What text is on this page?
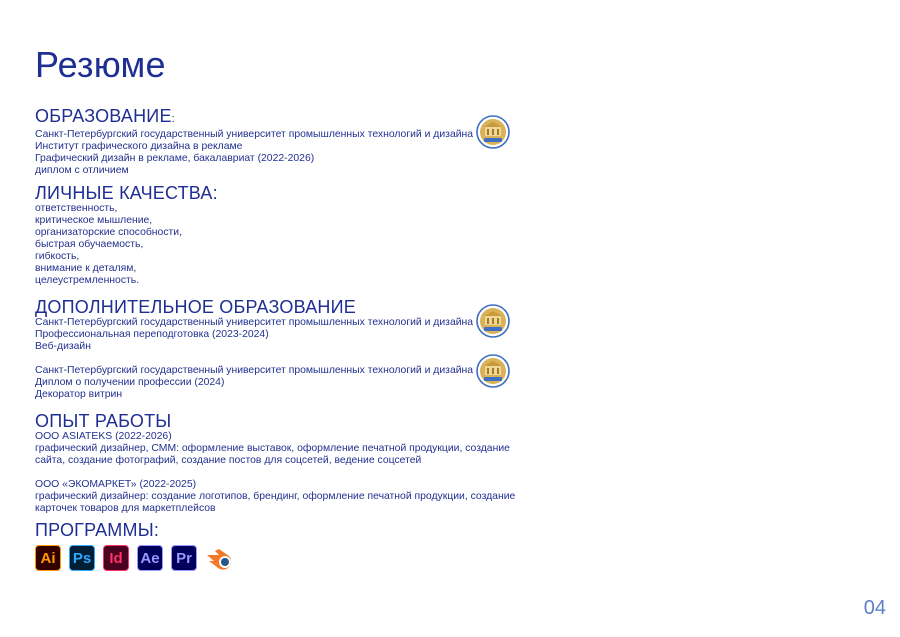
Резюме
ОБРАЗОВАНИЕ:
Санкт-Петербургский государственный университет промышленных технологий и дизайна
Институт графического дизайна в рекламе
Графический дизайн в рекламе, бакалавриат (2022-2026)
диплом с отличием
ЛИЧНЫЕ КАЧЕСТВА:
ответственность,
критическое мышление,
организаторские способности,
быстрая обучаемость,
гибкость,
внимание к деталям,
целеустремленность.
ДОПОЛНИТЕЛЬНОЕ ОБРАЗОВАНИЕ
Санкт-Петербургский государственный университет промышленных технологий и дизайна
Профессиональная переподготовка (2023-2024)
Веб-дизайн
Санкт-Петербургский государственный университет промышленных технологий и дизайна
Диплом о получении профессии (2024)
Декоратор витрин
ОПЫТ РАБОТЫ
ООО ASIATEKS (2022-2026)
графический дизайнер, СММ: оформление выставок, оформление печатной продукции, создание
сайта, создание фотографий, создание постов для соцсетей, ведение соцсетей
ООО «ЭКОМАРКЕТ» (2022-2025)
графический дизайнер: создание логотипов, брендинг, оформление печатной продукции, создание
карточек товаров для маркетплейсов
ПРОГРАММЫ:
Ai	Ps	Id	Ae	Pr
04
